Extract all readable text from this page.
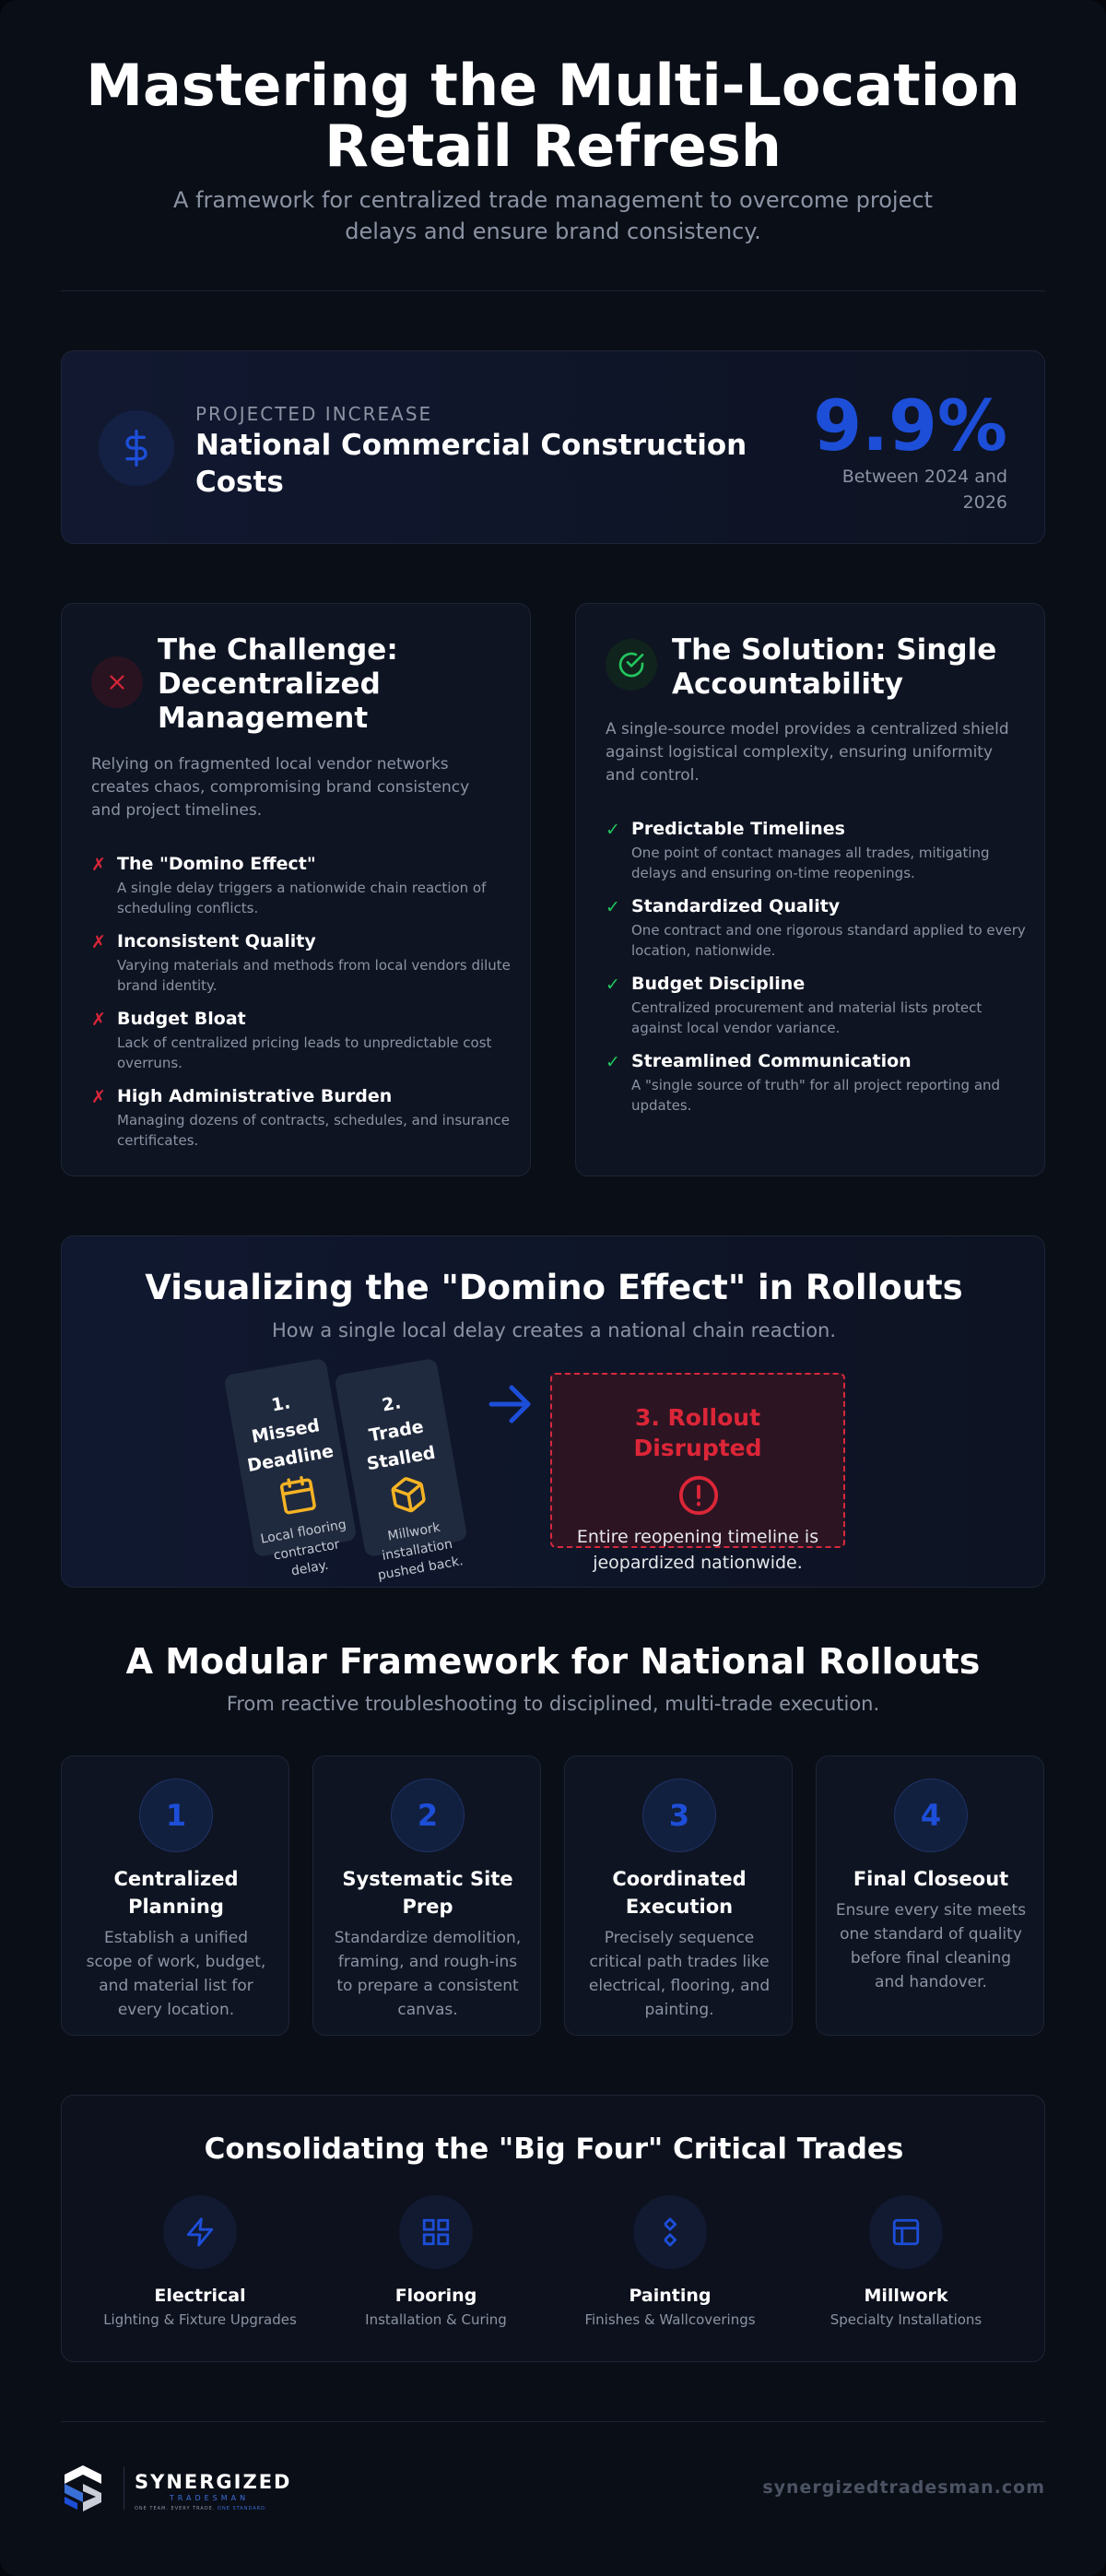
Mastering the Multi-Location
Retail Refresh

A framework for centralized trade management to overcome project delays and ensure brand consistency.

PROJECTED INCREASE
National Commercial Construction Costs
9.9%
Between 2024 and 2026
The Challenge: Decentralized Management

Relying on fragmented local vendor networks creates chaos, compromising brand consistency and project timelines.

✗ The "Domino Effect"
A single delay triggers a nationwide chain reaction of scheduling conflicts.
✗ Inconsistent Quality
Varying materials and methods from local vendors dilute brand identity.
✗ Budget Bloat
Lack of centralized pricing leads to unpredictable cost overruns.
✗ High Administrative Burden
Managing dozens of contracts, schedules, and insurance certificates.
The Solution: Single Accountability

A single-source model provides a centralized shield against logistical complexity, ensuring uniformity and control.

✓ Predictable Timelines
One point of contact manages all trades, mitigating delays and ensuring on-time reopenings.
✓ Standardized Quality
One contract and one rigorous standard applied to every location, nationwide.
✓ Budget Discipline
Centralized procurement and material lists protect against local vendor variance.
✓ Streamlined Communication
A "single source of truth" for all project reporting and updates.
Visualizing the "Domino Effect" in Rollouts
How a single local delay creates a national chain reaction.
1.
Missed
Deadline
Local flooring contractor delay.
2.
Trade
Stalled
Millwork installation pushed back.
3. Rollout
Disrupted
Entire reopening timeline is jeopardized nationwide.
A Modular Framework for National Rollouts
From reactive troubleshooting to disciplined, multi-trade execution.
1
Centralized
Planning
Establish a unified scope of work, budget, and material list for every location.
2
Systematic Site
Prep
Standardize demolition, framing, and rough-ins to prepare a consistent canvas.
3
Coordinated
Execution
Precisely sequence critical path trades like electrical, flooring, and painting.
4
Final Closeout
Ensure every site meets one standard of quality before final cleaning and handover.
Consolidating the "Big Four" Critical Trades
Electrical
Lighting & Fixture Upgrades
Flooring
Installation & Curing
Painting
Finishes & Wallcoverings
Millwork
Specialty Installations
SYNERGIZED
TRADESMAN
ONE TEAM. EVERY TRADE. ONE STANDARD.
synergizedtradesman.com
